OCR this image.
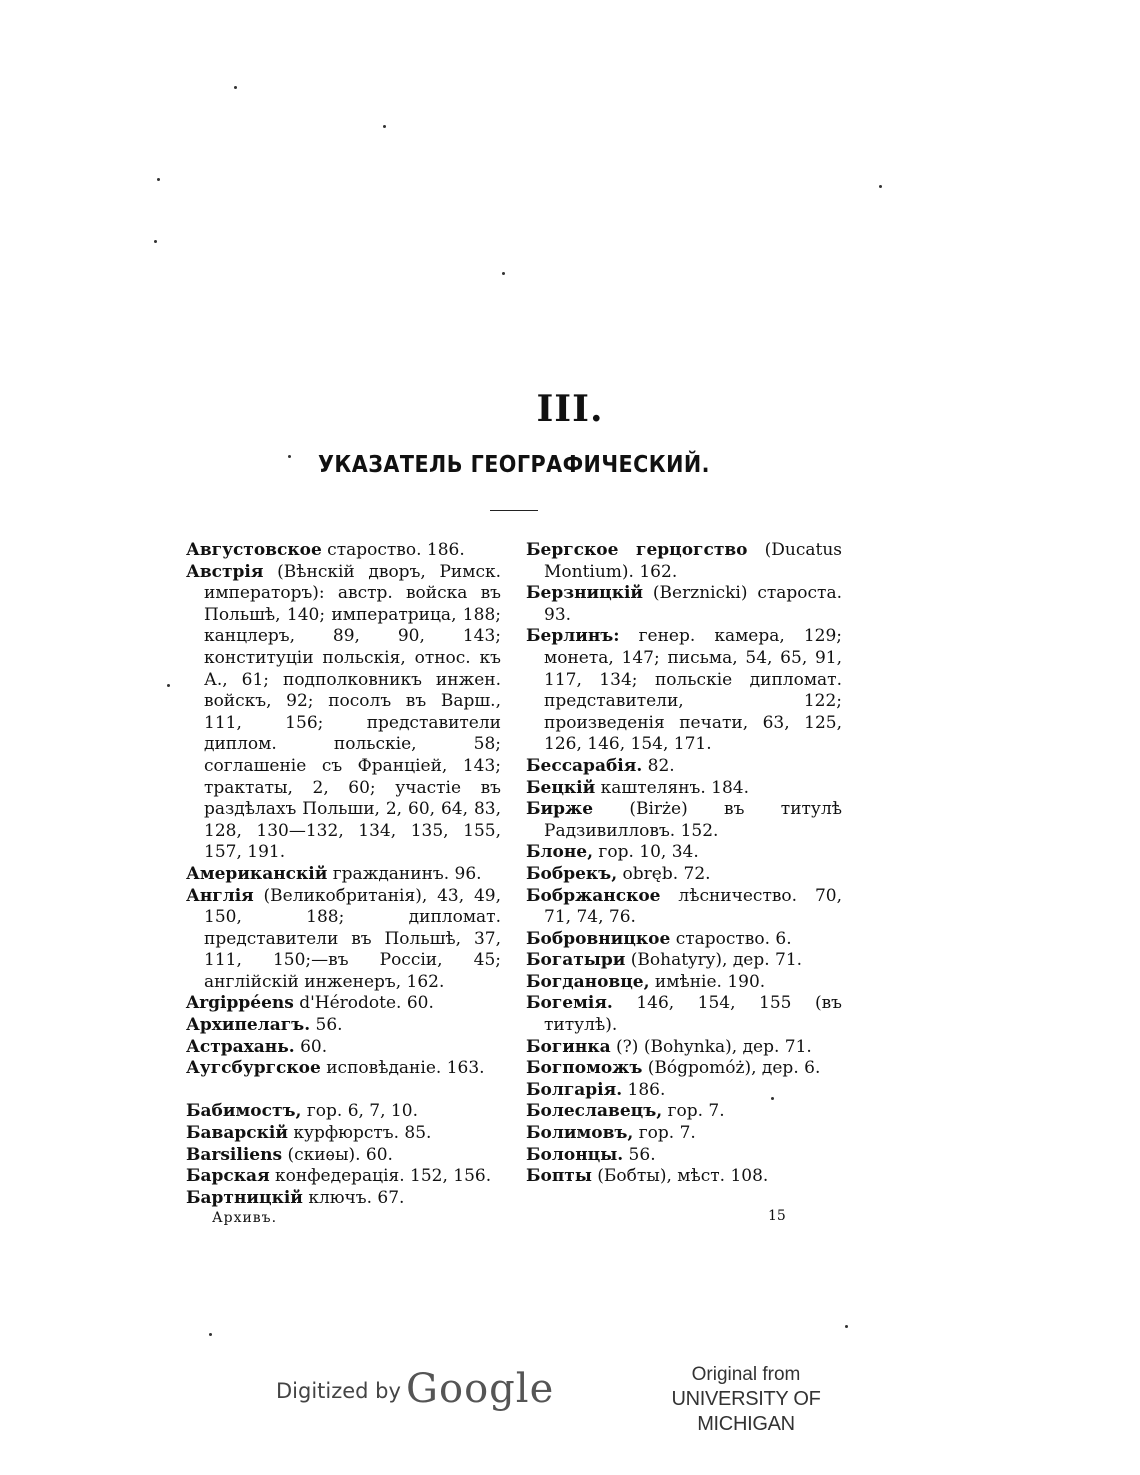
III.
УКАЗАТЕЛЬ ГЕОГРАФИЧЕСКИЙ.
Августовское староство. 186.
Австрія (Вѣнскій дворъ, Римск. императоръ): австр. войска въ Польшѣ, 140; императрица, 188; канцлеръ, 89, 90, 143; конституціи польскія, относ. къ А., 61; подполковникъ инжен. войскъ, 92; посолъ въ Варш., 111, 156; представители диплом. польскіе, 58; соглашеніе съ Франціей, 143; трактаты, 2, 60; участіе въ раздѣлахъ Польши, 2, 60, 64, 83, 128, 130—132, 134, 135, 155, 157, 191.
Американскій гражданинъ. 96.
Англія (Великобританія), 43, 49, 150, 188; дипломат. представители въ Польшѣ, 37, 111, 150;—въ Россіи, 45; англійскій инженеръ, 162.
Argippéens d'Hérodote. 60.
Архипелагъ. 56.
Астрахань. 60.
Аугсбургское исповѣданіе. 163.
Бабимостъ, гор. 6, 7, 10.
Баварскій курфюрстъ. 85.
Barsiliens (скиѳы). 60.
Барская конфедерація. 152, 156.
Бартницкій ключъ. 67.
Бергское герцогство (Ducatus Montium). 162.
Берзницкій (Berznicki) староста. 93.
Берлинъ: генер. камера, 129; монета, 147; письма, 54, 65, 91, 117, 134; польскіе дипломат. представители, 122; произведенія печати, 63, 125, 126, 146, 154, 171.
Бессарабія. 82.
Бецкій каштелянъ. 184.
Бирже (Birże) въ титулѣ Радзивилловъ. 152.
Блоне, гор. 10, 34.
Бобрекъ, obręb. 72.
Бобржанское лѣсничество. 70, 71, 74, 76.
Бобровницкое староство. 6.
Богатыри (Bohatyry), дер. 71.
Богдановце, имѣніе. 190.
Богемія. 146, 154, 155 (въ титулѣ).
Богинка (?) (Bohynka), дер. 71.
Богпоможъ (Bógpomóż), дер. 6.
Болгарія. 186.
Болеславецъ, гор. 7.
Болимовъ, гор. 7.
Болонцы. 56.
Бопты (Бобты), мѣст. 108.
Архивъ.	15
Digitized by Google	Original from
UNIVERSITY OF MICHIGAN
